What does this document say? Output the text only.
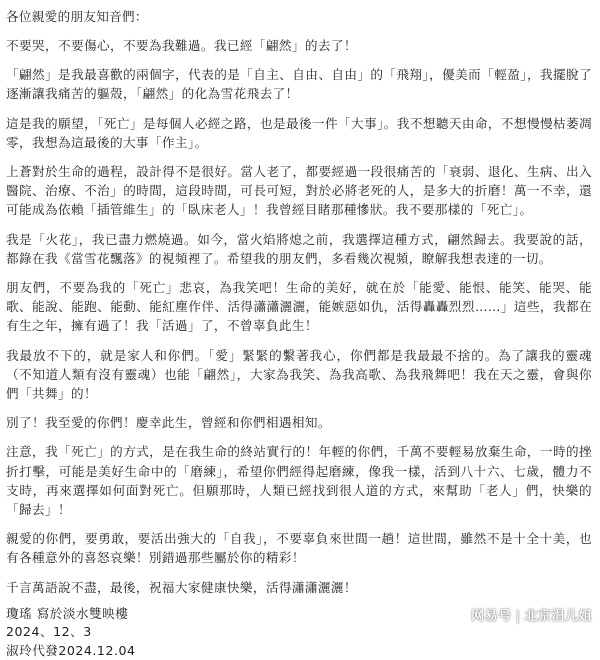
各位親愛的朋友知音們：
不要哭，不要傷心，不要為我難過。我已經「翩然」的去了！
「翩然」是我最喜歡的兩個字，代表的是「自主、自由、自由」的「飛翔」，優美而「輕盈」，我擺脫了逐漸讓我痛苦的軀殼，「翩然」的化為雪花飛去了！
這是我的願望，「死亡」是每個人必經之路，也是最後一件「大事」。我不想聽天由命，不想慢慢枯萎凋零，我想為這最後的大事「作主」。
上蒼對於生命的過程，設計得不是很好。當人老了，都要經過一段很痛苦的「衰弱、退化、生病、出入醫院、治療、不治」的時間，這段時間，可長可短，對於必將老死的人，是多大的折磨！萬一不幸，還可能成為依賴「插管維生」的「臥床老人」！我曾經目睹那種慘狀。我不要那樣的「死亡」。
我是「火花」，我已盡力燃燒過。如今，當火焰將熄之前，我選擇這種方式，翩然歸去。我要說的話，都錄在我《當雪花飄落》的視頻裡了。希望我的朋友們，多看幾次視頻，瞭解我想表達的一切。
朋友們，不要為我的「死亡」悲哀，為我笑吧！生命的美好，就在於「能愛、能恨、能笑、能哭、能歌、能說、能跑、能動、能紅塵作伴、活得瀟瀟灑灑，能嫉惡如仇，活得轟轟烈烈……」這些，我都在有生之年，擁有過了！我「活過」了，不曾辜負此生！
我最放不下的，就是家人和你們。「愛」緊緊的繫著我心，你們都是我最最不捨的。為了讓我的靈魂（不知道人類有沒有靈魂）也能「翩然」，大家為我笑、為我高歌、為我飛舞吧！我在天之靈，會與你們「共舞」的！
別了！我至愛的你們！慶幸此生，曾經和你們相遇相知。
注意，我「死亡」的方式，是在我生命的終站實行的！年輕的你們，千萬不要輕易放棄生命，一時的挫折打擊，可能是美好生命中的「磨練」，希望你們經得起磨練，像我一樣，活到八十六、七歲，體力不支時，再來選擇如何面對死亡。但願那時，人類已經找到很人道的方式，來幫助「老人」們，快樂的「歸去」！
親愛的你們，要勇敢，要活出強大的「自我」，不要辜負來世間一趟！這世間，雖然不是十全十美，也有各種意外的喜怒哀樂！別錯過那些屬於你的精彩！
千言萬語說不盡，最後，祝福大家健康快樂，活得瀟瀟灑灑！
瓊瑤 寫於淡水雙映樓
2024、12、3
淑玲代發2024.12.04
网易号 | 北京涓儿姐
